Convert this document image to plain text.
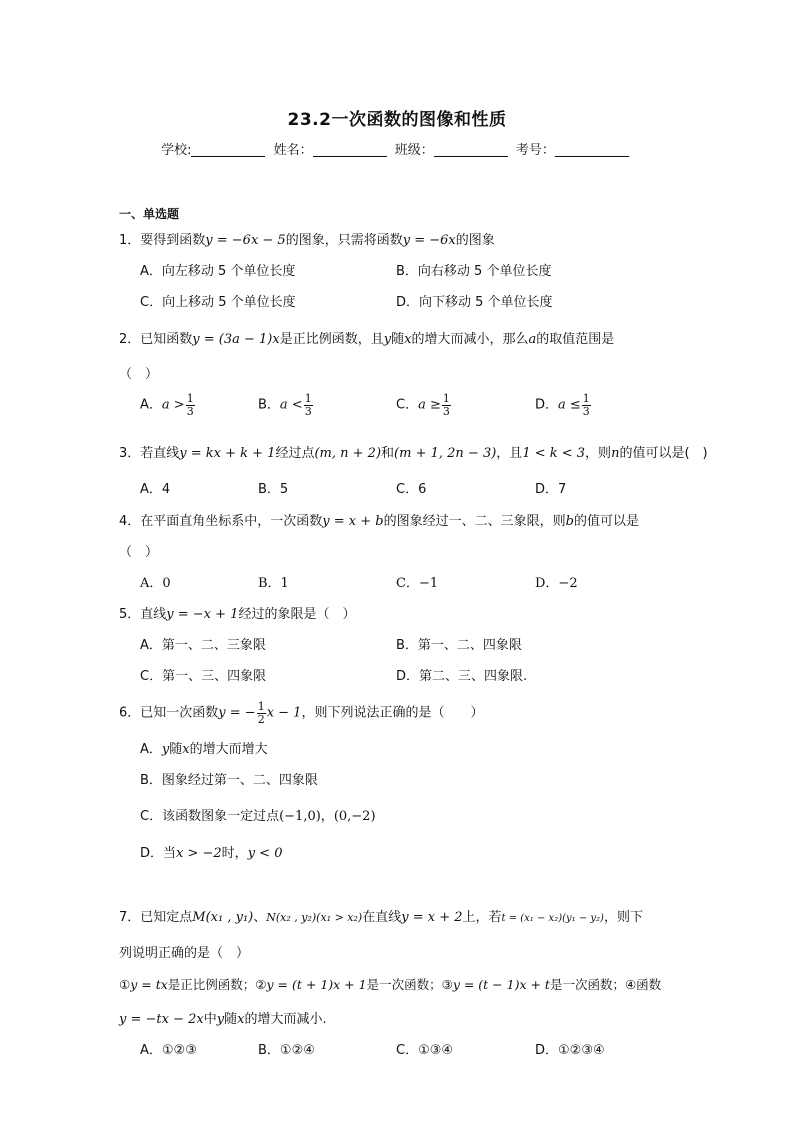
23.2一次函数的图像和性质
学校:	姓名：	班级：	考号：
一、单选题
1．要得到函数y = −6x − 5的图象，只需将函数y = −6x的图象
A．向左移动 5 个单位长度	B．向右移动 5 个单位长度
C．向上移动 5 个单位长度	D．向下移动 5 个单位长度
2．已知函数y = (3a − 1)x是正比例函数，且y随x的增大而减小，那么a的取值范围是
（　）
A．$a > \frac{1}{3}$	B．$a < \frac{1}{3}$	C．$a \ge \frac{1}{3}$	D．$a \le \frac{1}{3}$
3．若直线y = kx + k + 1经过点(m, n + 2)和(m + 1, 2n − 3)，且1 < k < 3，则n的值可以是(　)
A．4	B．5	C．6	D．7
4．在平面直角坐标系中，一次函数y = x + b的图象经过一、二、三象限，则b的值可以是
（　）
A．0	B．1	C．−1	D．−2
5．直线y = −x + 1经过的象限是（　）
A．第一、二、三象限	B．第一、二、四象限
C．第一、三、四象限	D．第二、三、四象限.
6．已知一次函数y = − $\frac{1}{2}$ x − 1，则下列说法正确的是（　　）
A．y随x的增大而增大
B．图象经过第一、二、四象限
C．该函数图象一定过点(−1,0)，(0,−2)
D．当x > −2时，y < 0
7．已知定点M(x₁ , y₁)、N(x₂ , y₂)(x₁ > x₂)在直线y = x + 2上，若t = (x₁ − x₂)(y₁ − y₂)，则下
列说明正确的是（　）
①y = tx是正比例函数；②y = (t + 1)x + 1是一次函数；③y = (t − 1)x + t是一次函数；④函数
y = −tx − 2x中y随x的增大而减小.
A．①②③	B．①②④	C．①③④	D．①②③④
